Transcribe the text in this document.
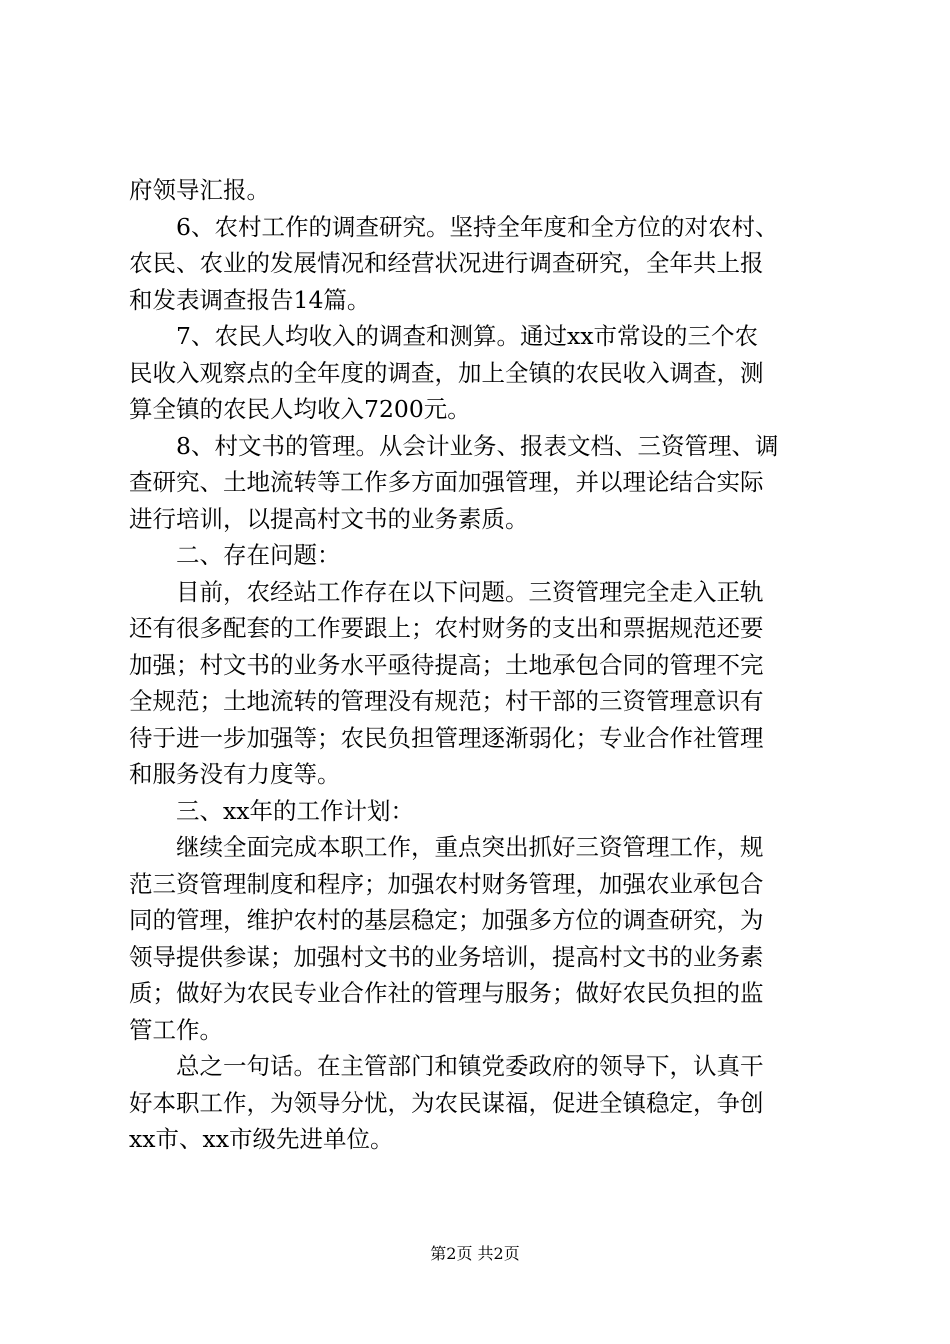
府领导汇报。
　　6、农村工作的调查研究。坚持全年度和全方位的对农村、
农民、农业的发展情况和经营状况进行调查研究，全年共上报
和发表调查报告14篇。
　　7、农民人均收入的调查和测算。通过xx市常设的三个农
民收入观察点的全年度的调查，加上全镇的农民收入调查，测
算全镇的农民人均收入7200元。
　　8、村文书的管理。从会计业务、报表文档、三资管理、调
查研究、土地流转等工作多方面加强管理，并以理论结合实际
进行培训，以提高村文书的业务素质。
　　二、存在问题：
　　目前，农经站工作存在以下问题。三资管理完全走入正轨
还有很多配套的工作要跟上；农村财务的支出和票据规范还要
加强；村文书的业务水平亟待提高；土地承包合同的管理不完
全规范；土地流转的管理没有规范；村干部的三资管理意识有
待于进一步加强等；农民负担管理逐渐弱化；专业合作社管理
和服务没有力度等。
　　三、xx年的工作计划：
　　继续全面完成本职工作，重点突出抓好三资管理工作，规
范三资管理制度和程序；加强农村财务管理，加强农业承包合
同的管理，维护农村的基层稳定；加强多方位的调查研究，为
领导提供参谋；加强村文书的业务培训，提高村文书的业务素
质；做好为农民专业合作社的管理与服务；做好农民负担的监
管工作。
　　总之一句话。在主管部门和镇党委政府的领导下，认真干
好本职工作，为领导分忧，为农民谋福，促进全镇稳定，争创
xx市、xx市级先进单位。
第2页 共2页
